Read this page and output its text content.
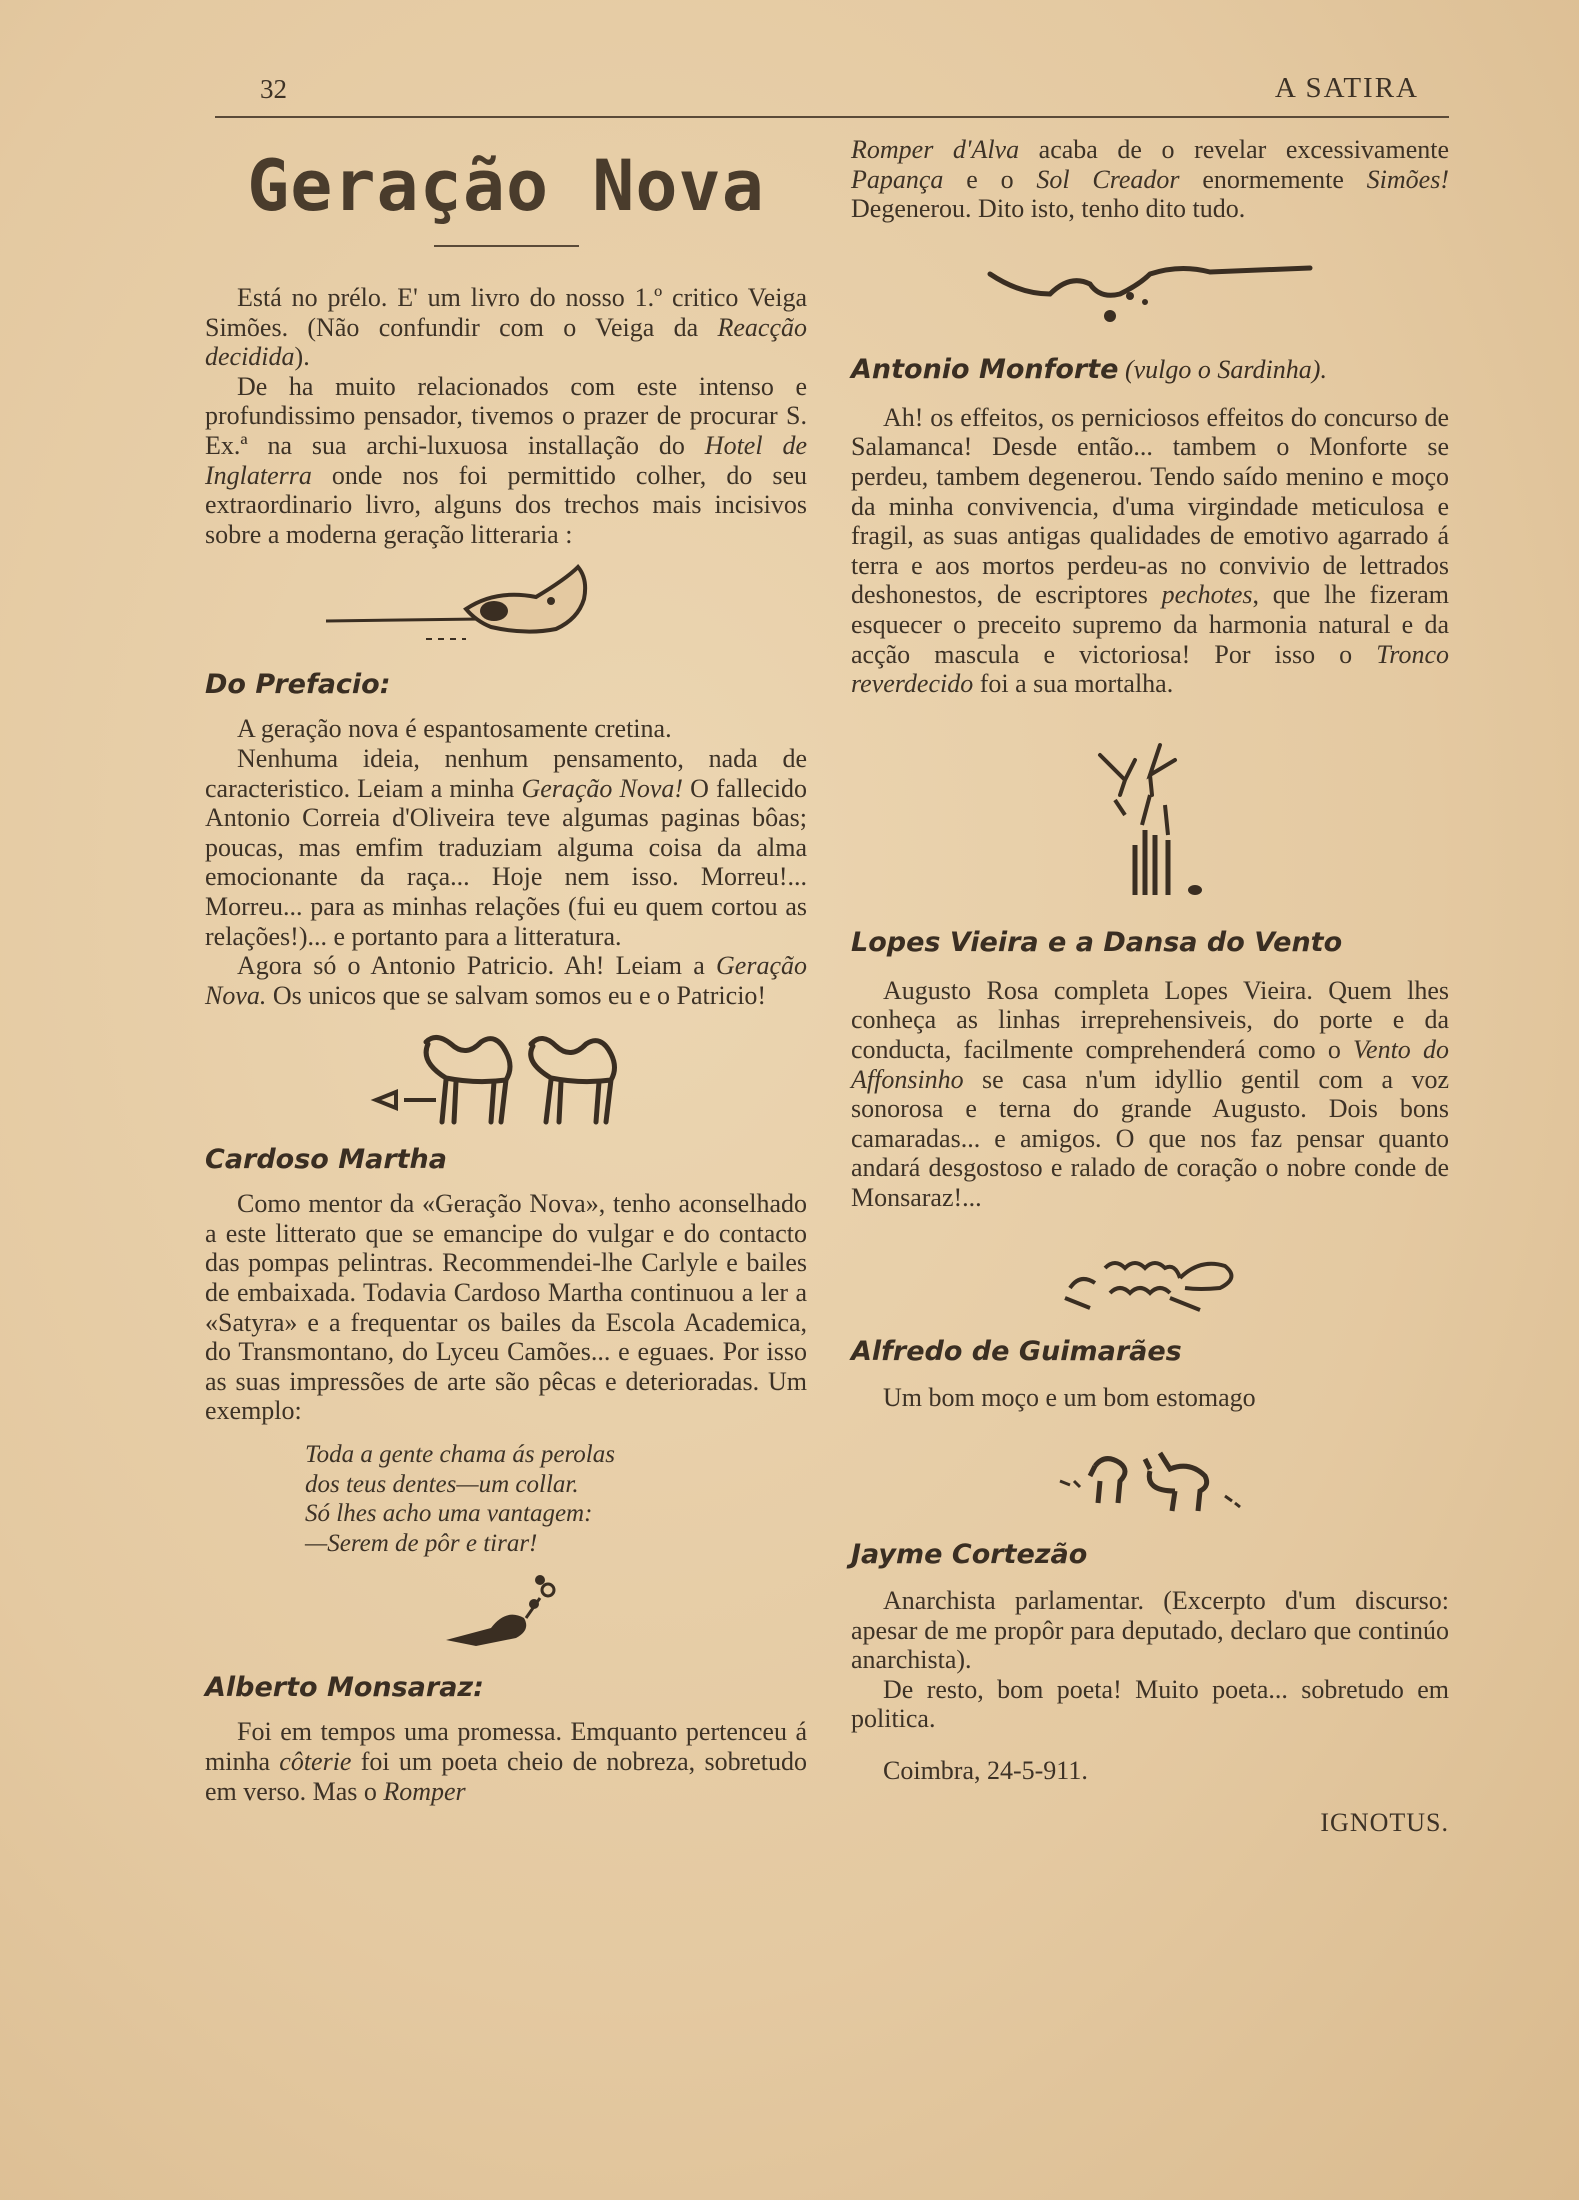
32	A SATIRA
Geração Nova

Está no prélo. E' um livro do nosso 1.º critico Veiga Simões. (Não confundir com o Veiga da Reacção decidida).

De ha muito relacionados com este intenso e profundissimo pensador, tivemos o prazer de procurar S. Ex.ª na sua archi-luxuosa installação do Hotel de Inglaterra onde nos foi permittido colher, do seu extraordinario livro, alguns dos trechos mais incisivos sobre a moderna geração litteraria :

Do Prefacio:

A geração nova é espantosamente cretina.

Nenhuma ideia, nenhum pensamento, nada de caracteristico. Leiam a minha Geração Nova! O fallecido Antonio Correia d'Oliveira teve algumas paginas bôas; poucas, mas emfim traduziam alguma coisa da alma emocionante da raça... Hoje nem isso. Morreu!... Morreu... para as minhas relações (fui eu quem cortou as relações!)... e portanto para a litteratura.

Agora só o Antonio Patricio. Ah! Leiam a Geração Nova. Os unicos que se salvam somos eu e o Patricio!

Cardoso Martha

Como mentor da «Geração Nova», tenho aconselhado a este litterato que se emancipe do vulgar e do contacto das pompas pelintras. Recommendei-lhe Carlyle e bailes de embaixada. Todavia Cardoso Martha continuou a ler a «Satyra» e a frequentar os bailes da Escola Academica, do Transmontano, do Lyceu Camões... e eguaes. Por isso as suas impressões de arte são pêcas e deterioradas. Um exemplo:

Toda a gente chama ás perolas
dos teus dentes—um collar.
Só lhes acho uma vantagem:
—Serem de pôr e tirar!
Alberto Monsaraz:

Foi em tempos uma promessa. Emquanto pertenceu á minha côterie foi um poeta cheio de nobreza, sobretudo em verso. Mas o Romper

Romper d'Alva acaba de o revelar excessivamente Papança e o Sol Creador enormemente Simões! Degenerou. Dito isto, tenho dito tudo.

Antonio Monforte (vulgo o Sardinha).

Ah! os effeitos, os perniciosos effeitos do concurso de Salamanca! Desde então... tambem o Monforte se perdeu, tambem degenerou. Tendo saído menino e moço da minha convivencia, d'uma virgindade meticulosa e fragil, as suas antigas qualidades de emotivo agarrado á terra e aos mortos perdeu-as no convivio de lettrados deshonestos, de escriptores pechotes, que lhe fizeram esquecer o preceito supremo da harmonia natural e da acção mascula e victoriosa! Por isso o Tronco reverdecido foi a sua mortalha.

Lopes Vieira e a Dansa do Vento

Augusto Rosa completa Lopes Vieira. Quem lhes conheça as linhas irreprehensiveis, do porte e da conducta, facilmente comprehenderá como o Vento do Affonsinho se casa n'um idyllio gentil com a voz sonorosa e terna do grande Augusto. Dois bons camaradas... e amigos. O que nos faz pensar quanto andará desgostoso e ralado de coração o nobre conde de Monsaraz!...

Alfredo de Guimarães

Um bom moço e um bom estomago

Jayme Cortezão

Anarchista parlamentar. (Excerpto d'um discurso: apesar de me propôr para deputado, declaro que continúo anarchista).

De resto, bom poeta! Muito poeta... sobretudo em politica.

Coimbra, 24-5-911.

IGNOTUS.
